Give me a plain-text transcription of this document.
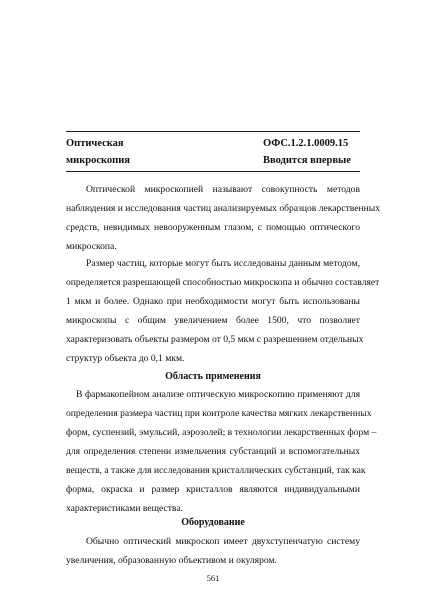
Оптическая
микроскопия
ОФС.1.2.1.0009.15
Вводится впервые
Оптической микроскопией называют совокупность методов
наблюдения и исследования частиц анализируемых образцов лекарственных
средств, невидимых невооруженным глазом, с помощью оптического
микроскопа.
Размер частиц, которые могут быть исследованы данным методом,
определяется разрешающей способностью микроскопа и обычно составляет
1 мкм и более. Однако при необходимости могут быть использованы
микроскопы с общим увеличением более 1500, что позволяет
характеризовать объекты размером от 0,5 мкм с разрешением отдельных
структур объекта до 0,1 мкм.
Область применения
В фармакопейном анализе оптическую микроскопию применяют для
определения размера частиц при контроле качества мягких лекарственных
форм, суспензий, эмульсий, аэрозолей; в технологии лекарственных форм –
для определения степени измельчения субстанций и вспомогательных
веществ, а также для исследования кристаллических субстанций, так как
форма, окраска и размер кристаллов являются индивидуальными
характеристиками вещества.
Оборудование
Обычно оптический микроскоп имеет двухступенчатую систему
увеличения, образованную объективом и окуляром.
561
